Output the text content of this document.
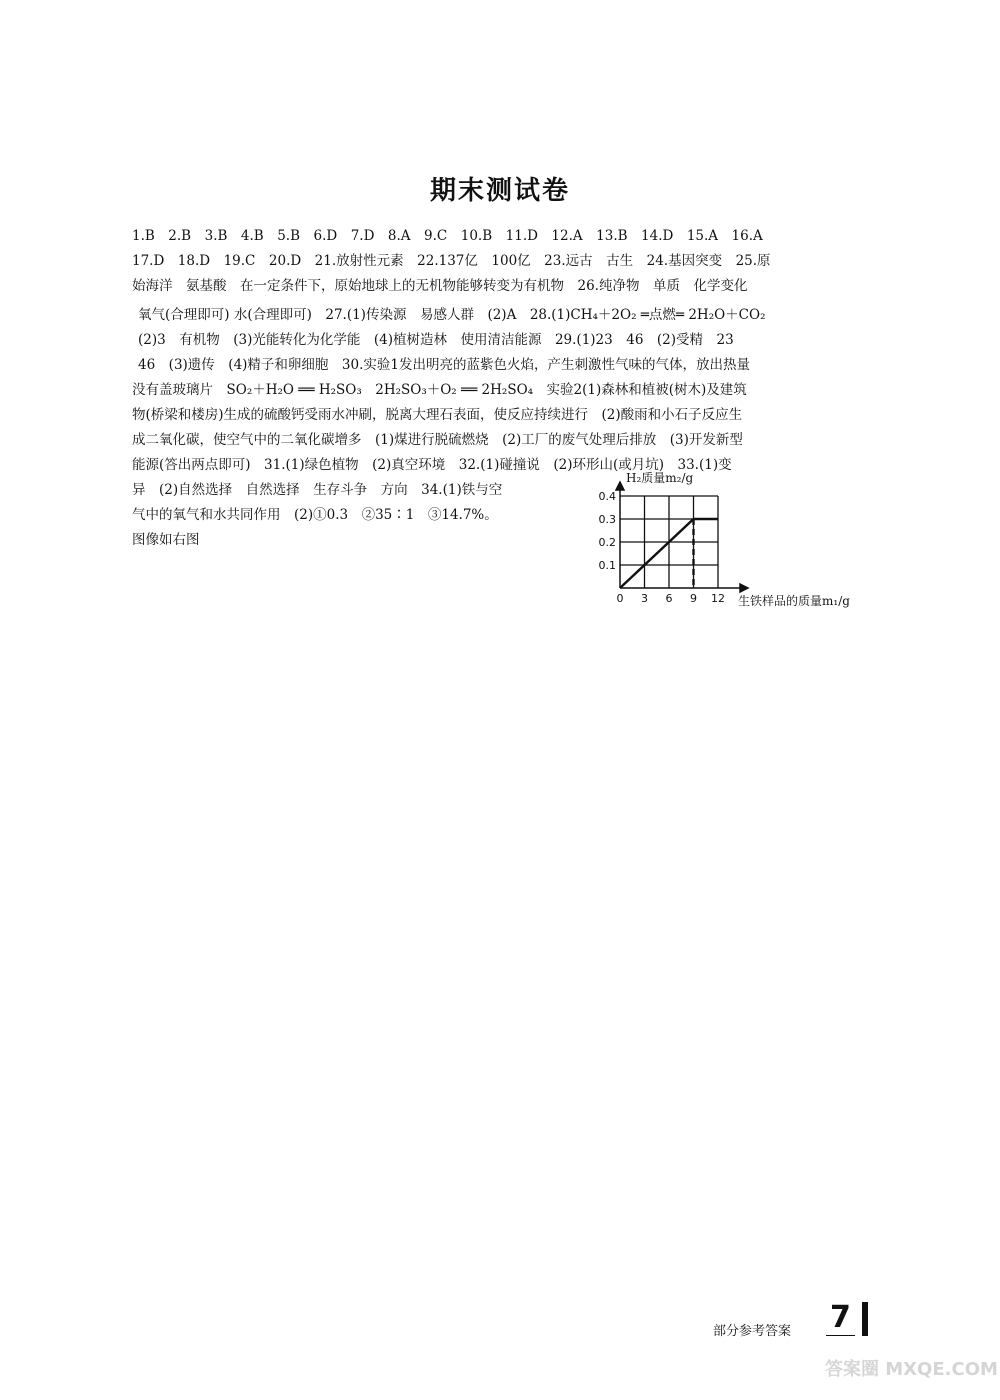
期末测试卷
1.B　2.B　3.B　4.B　5.B　6.D　7.D　8.A　9.C　10.B　11.D　12.A　13.B　14.D　15.A　16.A
17.D　18.D　19.C　20.D　21.放射性元素　22.137亿　100亿　23.远古　古生　24.基因突变　25.原
始海洋　氨基酸　在一定条件下，原始地球上的无机物能够转变为有机物　26.纯净物　单质　化学变化
氧气(合理即可) 水(合理即可)　27.(1)传染源　易感人群　(2)A　28.(1)CH₄＋2O₂ ═点燃═ 2H₂O＋CO₂
(2)3　有机物　(3)光能转化为化学能　(4)植树造林　使用清洁能源　29.(1)23　46　(2)受精　23
46　(3)遗传　(4)精子和卵细胞　30.实验1发出明亮的蓝紫色火焰，产生刺激性气味的气体，放出热量
没有盖玻璃片　SO₂＋H₂O ══ H₂SO₃　2H₂SO₃＋O₂ ══ 2H₂SO₄　实验2(1)森林和植被(树木)及建筑
物(桥梁和楼房)生成的硫酸钙受雨水冲刷，脱离大理石表面，使反应持续进行　(2)酸雨和小石子反应生
成二氧化碳，使空气中的二氧化碳增多　(1)煤进行脱硫燃烧　(2)工厂的废气处理后排放　(3)开发新型
能源(答出两点即可)　31.(1)绿色植物　(2)真空环境　32.(1)碰撞说　(2)环形山(或月坑)　33.(1)变
异　(2)自然选择　自然选择　生存斗争　方向　34.(1)铁与空
气中的氧气和水共同作用　(2)①0.3　②35∶1　③14.7%。
图像如右图
0 3 6 9 12
0.1
0.2
0.3
0.4
H₂质量m₂/g
生铁样品的质量m₁/g
部分参考答案 7
答案圈 MXQE.COM
